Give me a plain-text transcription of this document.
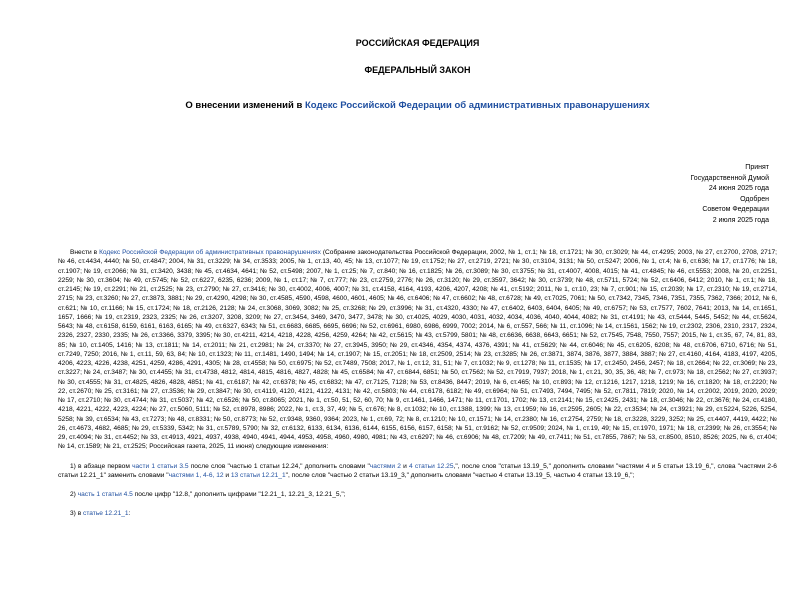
РОССИЙСКАЯ ФЕДЕРАЦИЯ
ФЕДЕРАЛЬНЫЙ ЗАКОН
О внесении изменений в Кодекс Российской Федерации об административных правонарушениях
Принят
Государственной Думой
24 июня 2025 года
Одобрен
Советом Федерации
2 июля 2025 года

Внести в Кодекс Российской Федерации об административных правонарушениях (Собрание законодательства Российской Федерации, 2002, № 1, ст.1; № 18, ст.1721; № 30, ст.3029; № 44, ст.4295; 2003, № 27, ст.2700, 2708, 2717; № 46, ст.4434, 4440; № 50, ст.4847; 2004, № 31, ст.3229; № 34, ст.3533; 2005, № 1, ст.13, 40, 45; № 13, ст.1077; № 19, ст.1752; № 27, ст.2719, 2721; № 30, ст.3104, 3131; № 50, ст.5247; 2006, № 1, ст.4; № 6, ст.636; № 17, ст.1776; № 18, ст.1907; № 19, ст.2066; № 31, ст.3420, 3438; № 45, ст.4634, 4641; № 52, ст.5498; 2007, № 1, ст.25; № 7, ст.840; № 16, ст.1825; № 26, ст.3089; № 30, ст.3755; № 31, ст.4007, 4008, 4015; № 41, ст.4845; № 46, ст.5553; 2008, № 20, ст.2251, 2259; № 30, ст.3604; № 49, ст.5745; № 52, ст.6227, 6235, 6236; 2009, № 1, ст.17; № 7, ст.777; № 23, ст.2759, 2776; № 26, ст.3120; № 29, ст.3597, 3642; № 30, ст.3739; № 48, ст.5711, 5724; № 52, ст.6406, 6412; 2010, № 1, ст.1; № 18, ст.2145; № 19, ст.2291; № 21, ст.2525; № 23, ст.2790; № 27, ст.3416; № 30, ст.4002, 4006, 4007; № 31, ст.4158, 4164, 4193, 4206, 4207, 4208; № 41, ст.5192; 2011, № 1, ст.10, 23; № 7, ст.901; № 15, ст.2039; № 17, ст.2310; № 19, ст.2714, 2715; № 23, ст.3260; № 27, ст.3873, 3881; № 29, ст.4290, 4298; № 30, ст.4585, 4590, 4598, 4600, 4601, 4605; № 46, ст.6406; № 47, ст.6602; № 48, ст.6728; № 49, ст.7025, 7061; № 50, ст.7342, 7345, 7346, 7351, 7355, 7362, 7366; 2012, № 6, ст.621; № 10, ст.1166; № 15, ст.1724; № 18, ст.2126, 2128; № 24, ст.3068, 3069, 3082; № 25, ст.3268; № 29, ст.3996; № 31, ст.4320, 4330; № 47, ст.6402, 6403, 6404, 6405; № 49, ст.6757; № 53, ст.7577, 7602, 7641; 2013, № 14, ст.1651, 1657, 1666; № 19, ст.2319, 2323, 2325; № 26, ст.3207, 3208, 3209; № 27, ст.3454, 3469, 3470, 3477, 3478; № 30, ст.4025, 4029, 4030, 4031, 4032, 4034, 4036, 4040, 4044, 4082; № 31, ст.4191; № 43, ст.5444, 5445, 5452; № 44, ст.5624, 5643; № 48, ст.6158, 6159, 6161, 6163, 6165; № 49, ст.6327, 6343; № 51, ст.6683, 6685, 6695, 6696; № 52, ст.6961, 6980, 6986, 6999, 7002; 2014, № 6, ст.557, 566; № 11, ст.1096; № 14, ст.1561, 1562; № 19, ст.2302, 2306, 2310, 2317, 2324, 2326, 2327, 2330, 2335; № 26, ст.3366, 3379, 3395; № 30, ст.4211, 4214, 4218, 4228, 4256, 4259, 4264; № 42, ст.5615; № 43, ст.5799, 5801; № 48, ст.6636, 6638, 6643, 6651; № 52, ст.7545, 7548, 7550, 7557; 2015, № 1, ст.35, 67, 74, 81, 83, 85; № 10, ст.1405, 1416; № 13, ст.1811; № 14, ст.2011; № 21, ст.2981; № 24, ст.3370; № 27, ст.3945, 3950; № 29, ст.4346, 4354, 4374, 4376, 4391; № 41, ст.5629; № 44, ст.6046; № 45, ст.6205, 6208; № 48, ст.6706, 6710, 6716; № 51, ст.7249, 7250; 2016, № 1, ст.11, 59, 63, 84; № 10, ст.1323; № 11, ст.1481, 1490, 1494; № 14, ст.1907; № 15, ст.2051; № 18, ст.2509, 2514; № 23, ст.3285; № 26, ст.3871, 3874, 3876, 3877, 3884, 3887; № 27, ст.4160, 4164, 4183, 4197, 4205, 4206, 4223, 4226, 4238, 4251, 4259, 4286, 4291, 4305; № 28, ст.4558; № 50, ст.6975; № 52, ст.7489, 7508; 2017, № 1, ст.12, 31, 51; № 7, ст.1032; № 9, ст.1278; № 11, ст.1535; № 17, ст.2450, 2456, 2457; № 18, ст.2664; № 22, ст.3069; № 23, ст.3227; № 24, ст.3487; № 30, ст.4455; № 31, ст.4738, 4812, 4814, 4815, 4816, 4827, 4828; № 45, ст.6584; № 47, ст.6844, 6851; № 50, ст.7562; № 52, ст.7919, 7937; 2018, № 1, ст.21, 30, 35, 36, 48; № 7, ст.973; № 18, ст.2562; № 27, ст.3937; № 30, ст.4555; № 31, ст.4825, 4826, 4828, 4851; № 41, ст.6187; № 42, ст.6378; № 45, ст.6832; № 47, ст.7125, 7128; № 53, ст.8436, 8447; 2019, № 6, ст.465; № 10, ст.893; № 12, ст.1216, 1217, 1218, 1219; № 16, ст.1820; № 18, ст.2220; № 22, ст.2670; № 25, ст.3161; № 27, ст.3536; № 29, ст.3847; № 30, ст.4119, 4120, 4121, 4122, 4131; № 42, ст.5803; № 44, ст.6178, 6182; № 49, ст.6964; № 51, ст.7493, 7494, 7495; № 52, ст.7811, 7819; 2020, № 14, ст.2002, 2019, 2020, 2029; № 17, ст.2710; № 30, ст.4744; № 31, ст.5037; № 42, ст.6526; № 50, ст.8065; 2021, № 1, ст.50, 51, 52, 60, 70; № 9, ст.1461, 1466, 1471; № 11, ст.1701, 1702; № 13, ст.2141; № 15, ст.2425, 2431; № 18, ст.3046; № 22, ст.3676; № 24, ст.4180, 4218, 4221, 4222, 4223, 4224; № 27, ст.5060, 5111; № 52, ст.8978, 8986; 2022, № 1, ст.3, 37, 49; № 5, ст.676; № 8, ст.1032; № 10, ст.1388, 1399; № 13, ст.1959; № 16, ст.2595, 2605; № 22, ст.3534; № 24, ст.3921; № 29, ст.5224, 5226, 5254, 5258; № 39, ст.6534; № 43, ст.7273; № 48, ст.8331; № 50, ст.8773; № 52, ст.9348, 9360, 9364; 2023, № 1, ст.69, 72; № 8, ст.1210; № 10, ст.1571; № 14, ст.2380; № 16, ст.2754, 2759; № 18, ст.3228, 3229, 3252; № 25, ст.4407, 4419, 4422; № 26, ст.4673, 4682, 4685; № 29, ст.5339, 5342; № 31, ст.5789, 5790; № 32, ст.6132, 6133, 6134, 6136, 6144, 6155, 6156, 6157, 6158; № 51, ст.9162; № 52, ст.9509; 2024, № 1, ст.19, 49; № 15, ст.1970, 1971; № 18, ст.2399; № 26, ст.3554; № 29, ст.4094; № 31, ст.4452; № 33, ст.4913, 4921, 4937, 4938, 4940, 4941, 4944, 4953, 4958, 4960, 4980, 4981; № 43, ст.6297; № 46, ст.6906; № 48, ст.7209; № 49, ст.7411; № 51, ст.7855, 7867; № 53, ст.8500, 8510, 8526; 2025, № 6, ст.404; № 14, ст.1589; № 21, ст.2525; Российская газета, 2025, 11 июня) следующие изменения:

1) в абзаце первом части 1 статьи 3.5 после слов "частью 1 статьи 12.24," дополнить словами "частями 2 и 4 статьи 12.25,", после слов "статьи 13.19_5," дополнить словами "частями 4 и 5 статьи 13.19_6,", слова "частями 2-6 статьи 12.21_1" заменить словами "частями 1, 4-6, 12 и 13 статьи 12.21_1", после слов "частью 2 статьи 13.19_3," дополнить словами "частью 4 статьи 13.19_5, частью 4 статьи 13.19_6,";

2) часть 1 статьи 4.5 после цифр "12.8," дополнить цифрами "12.21_1, 12.21_3, 12.21_5,";

3) в статье 12.21_1:
